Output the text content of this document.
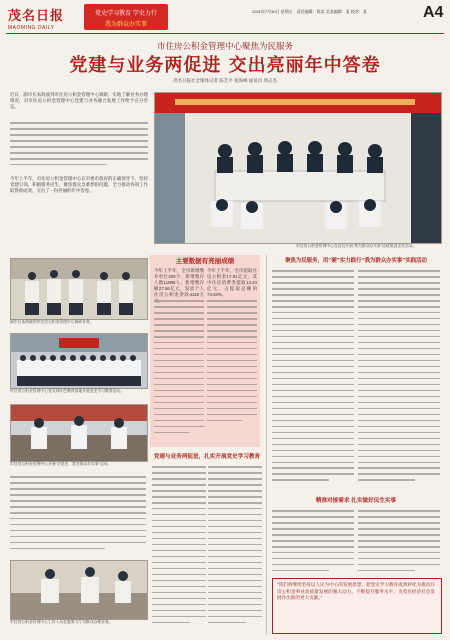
茂名日报
MAOMING DAILY
党史学习教育 学史力行
我为群众办实事
2021年7月30日 星期五　责任编辑：陈某 美术编辑：某 校对：某	A4
市住房公积金管理中心聚焦为民服务
党建与业务两促进 交出亮丽年中答卷
茂名日报社全媒体记者 陈艺平 张海峰 通讯员 周志杰
近日，副市长朱海波到市住房公积金管理中心调研，实地了解业务办理情况，对市住房公积金管理中心党建与业务融合发展工作给予充分肯定。
今年上半年，市住房公积金管理中心在市委市政府的正确领导下，坚持党建引领，积极服务民生，聚焦群众急难愁盼问题，全力推动各项工作取得新成效，交出了一份亮丽的年中答卷。
市住房公积金管理中心在信宜开展“我为群众办实事”送政策进企业活动。
副市长朱海波到市住房公积金管理中心调研业务。
市住房公积金管理中心党员到红色教育基地开展党史学习教育活动。
市住房公积金管理中心开展“学党史、我为群众办实事”活动。
市住房公积金管理中心工作人员在服务大厅为群众办理业务。
主要数据有亮丽成绩
今年上半年，全市新增缴存单位329个，新增缴存人数11988人；新增缴存额27.66亿元，发放个人住房公积金贷款4118万
今年上半年，全市提取住房公积金17.91亿元，其中住房消费类提取13.24亿元，占提取总额的73.93%。
党建与业务两促进，扎实开展党史学习教育
聚焦为民服务，用“硬”实力践行“我为群众办实事”实践活动
精准对接需求 扎实做好民生实事
“我们将继续坚持以人民为中心的发展思想，把党史学习教育成果转化为推动住房公积金事业高质量发展的强大动力，不断提升服务水平，为茂名经济社会发展作出新的更大贡献。”
